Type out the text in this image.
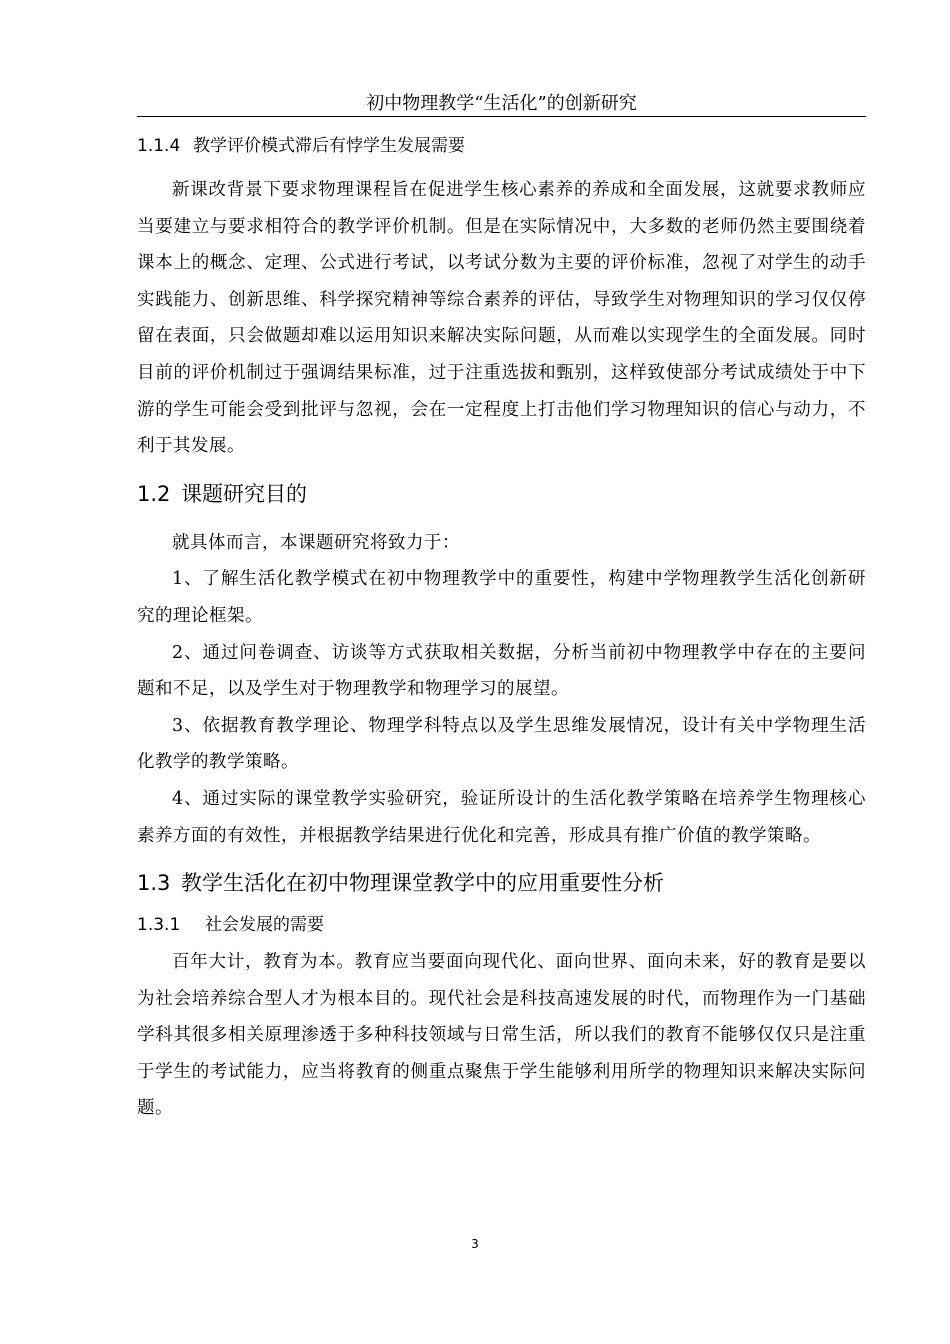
初中物理教学“生活化”的创新研究
1.1.4 教学评价模式滞后有悖学生发展需要

新课改背景下要求物理课程旨在促进学生核心素养的养成和全面发展，这就要求教师应当要建立与要求相符合的教学评价机制。但是在实际情况中，大多数的老师仍然主要围绕着课本上的概念、定理、公式进行考试，以考试分数为主要的评价标准，忽视了对学生的动手实践能力、创新思维、科学探究精神等综合素养的评估，导致学生对物理知识的学习仅仅停留在表面，只会做题却难以运用知识来解决实际问题，从而难以实现学生的全面发展。同时目前的评价机制过于强调结果标准，过于注重选拔和甄别，这样致使部分考试成绩处于中下游的学生可能会受到批评与忽视，会在一定程度上打击他们学习物理知识的信心与动力，不利于其发展。

1.2 课题研究目的

就具体而言，本课题研究将致力于：

1、了解生活化教学模式在初中物理教学中的重要性，构建中学物理教学生活化创新研究的理论框架。

2、通过问卷调查、访谈等方式获取相关数据，分析当前初中物理教学中存在的主要问题和不足，以及学生对于物理教学和物理学习的展望。

3、依据教育教学理论、物理学科特点以及学生思维发展情况，设计有关中学物理生活化教学的教学策略。

4、通过实际的课堂教学实验研究，验证所设计的生活化教学策略在培养学生物理核心素养方面的有效性，并根据教学结果进行优化和完善，形成具有推广价值的教学策略。

1.3 教学生活化在初中物理课堂教学中的应用重要性分析
1.3.1	社会发展的需要

百年大计，教育为本。教育应当要面向现代化、面向世界、面向未来，好的教育是要以为社会培养综合型人才为根本目的。现代社会是科技高速发展的时代，而物理作为一门基础学科其很多相关原理渗透于多种科技领域与日常生活，所以我们的教育不能够仅仅只是注重于学生的考试能力，应当将教育的侧重点聚焦于学生能够利用所学的物理知识来解决实际问题。

3
